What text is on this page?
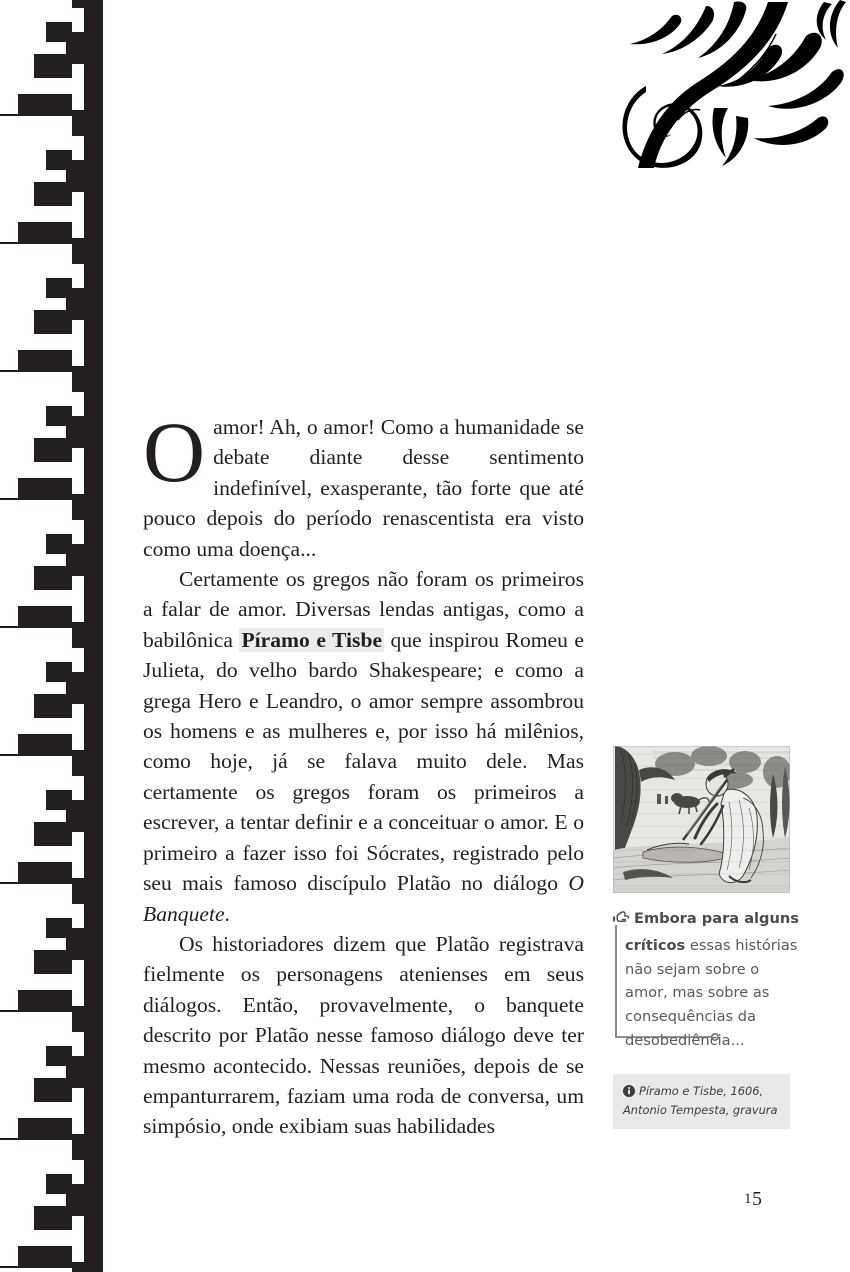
Oamor! Ah, o amor! Como a humanidade se debate diante desse sentimento indefinível, exasperante, tão forte que até pouco depois do período renascentista era visto como uma doença...

Certamente os gregos não foram os primeiros a falar de amor. Diversas lendas antigas, como a babilônica Píramo e Tisbe que inspirou Romeu e Julieta, do velho bardo Shakespeare; e como a grega Hero e Leandro, o amor sempre assombrou os homens e as mulheres e, por isso há milênios, como hoje, já se falava muito dele. Mas certamente os gregos foram os primeiros a escrever, a tentar definir e a conceituar o amor. E o primeiro a fazer isso foi Sócrates, registrado pelo seu mais famoso discípulo Platão no diálogo O Banquete.

Os historiadores dizem que Platão registrava fielmente os personagens atenienses em seus diálogos. Então, provavelmente, o banquete descrito por Platão nesse famoso diálogo deve ter mesmo acontecido. Nessas reuniões, depois de se empanturrarem, faziam uma roda de conversa, um simpósio, onde exibiam suas habilidades

Embora para alguns críticos essas histórias não sejam sobre o amor, mas sobre as consequências da desobediência...
Píramo e Tisbe, 1606,
Antonio Tempesta, gravura
15
